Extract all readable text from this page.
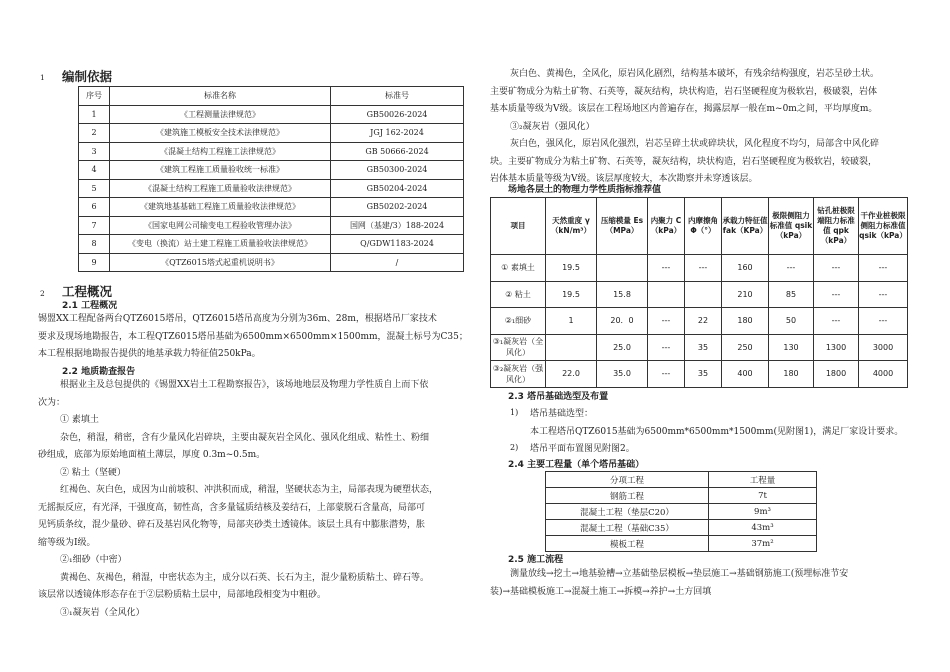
1 编制依据
序号	标准名称	标准号
1	《工程测量法律规范》	GB50026-2024
2	《建筑施工模板安全技术法律规范》	JGJ 162-2024
3	《混凝土结构工程施工法律规范》	GB 50666-2024
4	《建筑工程施工质量验收统一标准》	GB50300-2024
5	《混凝土结构工程施工质量验收法律规范》	GB50204-2024
6	《建筑地基基础工程施工质量验收法律规范》	GB50202-2024
7	《国家电网公司输变电工程验收管理办法》	国网（基建/3）188-2024
8	《变电（换流）站土建工程施工质量验收法律规范》	Q/GDW1183-2024
9	《QTZ6015塔式起重机说明书》	/
2 工程概况
2.1 工程概况
锡盟XX工程配备两台QTZ6015塔吊，QTZ6015塔吊高度为分别为36m、28m，根据塔吊厂家技术
要求及现场地勘报告，本工程QTZ6015塔吊基础为6500mm×6500mm×1500mm，混凝土标号为C35；
本工程根据地勘报告提供的地基承载力特征值250kPa。
2.2 地质勘查报告
根据业主及总包提供的《锡盟XX岩土工程勘察报告》，该场地地层及物理力学性质自上而下依
次为：
① 素填土
杂色，稍湿，稍密，含有少量风化岩碎块，主要由凝灰岩全风化、强风化组成、粘性土、粉细
砂组成，底部为原始地面植土薄层，厚度 0.3m~0.5m。
② 粘土（坚硬）
红褐色、灰白色，成因为山前坡积、冲洪积而成，稍湿，坚硬状态为主，局部表现为硬塑状态，
无摇振反应，有光泽，干强度高，韧性高，含多量锰质结核及姜结石，上部蒙脱石含量高，局部可
见钙质条纹，混少量砂、碎石及基岩风化物等，局部夹砂类土透镜体。该层土具有中膨胀潜势，胀
缩等级为Ⅰ级。
②₁细砂（中密）
黄褐色、灰褐色，稍湿，中密状态为主，成分以石英、长石为主，混少量粉质粘土、碎石等。
该层常以透镜体形态存在于②层粉质粘土层中，局部地段相变为中粗砂。
③₁凝灰岩（全风化）
灰白色、黄褐色，全风化，原岩风化剧烈，结构基本破坏，有残余结构强度，岩芯呈砂土状。
主要矿物成分为粘土矿物、石英等，凝灰结构，块状构造，岩石坚硬程度为极软岩，极破裂，岩体
基本质量等级为Ⅴ级。该层在工程场地区内普遍存在，揭露层厚一般在m~0m之间，平均厚度m。
③₂凝灰岩（强风化）
灰白色，强风化，原岩风化强烈，岩芯呈碎土状或碎块状，风化程度不均匀，局部含中风化碎
块。主要矿物成分为粘土矿物、石英等，凝灰结构，块状构造，岩石坚硬程度为极软岩，较破裂，
岩体基本质量等级为Ⅴ级。该层厚度较大，本次勘察并未穿透该层。
场地各层土的物理力学性质指标推荐值
项目	天然重度 γ（kN/m³）	压缩模量 Es （MPa）	内聚力 C （kPa）	内摩擦角 Φ（°）	承载力特征值 fak（KPa）	极限侧阻力标准值 qsik（kPa）	钻孔桩极限端阻力标准值 qpk（kPa）	干作业桩极限侧阻力标准值 qsik（kPa）
① 素填土	19.5		---	---	160	---	---	---
② 粘土	19.5	15.8			210	85	---	---
②₁细砂	1	20．0	---	22	180	50	---	---
③₁凝灰岩（全风化）		25.0	---	35	250	130	1300	3000
③₂凝灰岩（强风化）	22.0	35.0	---	35	400	180	1800	4000
2.3 塔吊基础选型及布置
1) 塔吊基础选型：
本工程塔吊QTZ6015基础为6500mm*6500mm*1500mm(见附图1)，满足厂家设计要求。
2) 塔吊平面布置图见附图2。
2.4 主要工程量（单个塔吊基础）
分项工程	工程量
钢筋工程	7t
混凝土工程（垫层C20）	9m³
混凝土工程（基础C35）	43m³
模板工程	37m²
2.5 施工流程
测量放线→挖土→地基验槽→立基础垫层模板→垫层施工→基础钢筋施工(预埋标准节安
装)→基础模板施工→混凝土施工→拆模→养护→土方回填
